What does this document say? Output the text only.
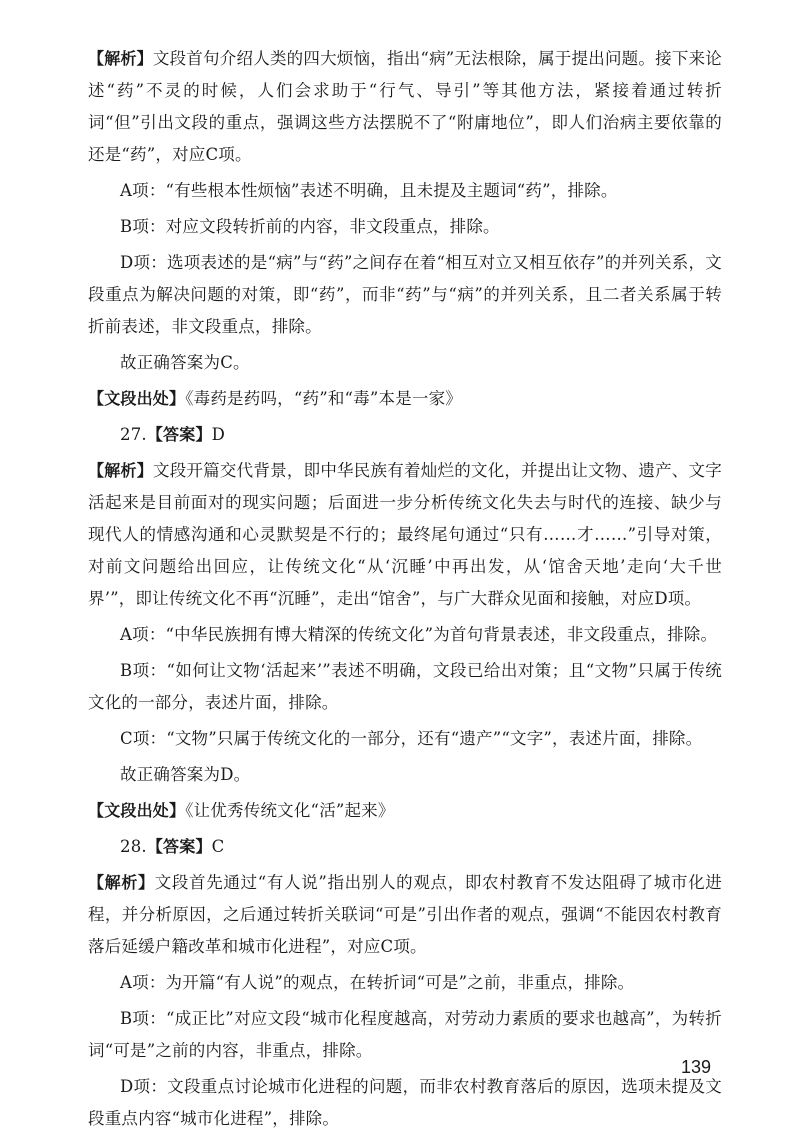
【解析】文段首句介绍人类的四大烦恼，指出“病”无法根除，属于提出问题。接下来论述“药”不灵的时候，人们会求助于“行气、导引”等其他方法，紧接着通过转折词“但”引出文段的重点，强调这些方法摆脱不了“附庸地位”，即人们治病主要依靠的还是“药”，对应C项。

A项：“有些根本性烦恼”表述不明确，且未提及主题词“药”，排除。

B项：对应文段转折前的内容，非文段重点，排除。

D项：选项表述的是“病”与“药”之间存在着“相互对立又相互依存”的并列关系，文段重点为解决问题的对策，即“药”，而非“药”与“病”的并列关系，且二者关系属于转折前表述，非文段重点，排除。

故正确答案为C。

【文段出处】《毒药是药吗，“药”和“毒”本是一家》

27.【答案】D

【解析】文段开篇交代背景，即中华民族有着灿烂的文化，并提出让文物、遗产、文字活起来是目前面对的现实问题；后面进一步分析传统文化失去与时代的连接、缺少与现代人的情感沟通和心灵默契是不行的；最终尾句通过“只有……才……”引导对策，对前文问题给出回应，让传统文化“从‘沉睡’中再出发，从‘馆舍天地’走向‘大千世界’”，即让传统文化不再“沉睡”，走出“馆舍”，与广大群众见面和接触，对应D项。

A项：“中华民族拥有博大精深的传统文化”为首句背景表述，非文段重点，排除。

B项：“如何让文物‘活起来’”表述不明确，文段已给出对策；且“文物”只属于传统文化的一部分，表述片面，排除。

C项：“文物”只属于传统文化的一部分，还有“遗产”“文字”，表述片面，排除。

故正确答案为D。

【文段出处】《让优秀传统文化“活”起来》

28.【答案】C

【解析】文段首先通过“有人说”指出别人的观点，即农村教育不发达阻碍了城市化进程，并分析原因，之后通过转折关联词“可是”引出作者的观点，强调“不能因农村教育落后延缓户籍改革和城市化进程”，对应C项。

A项：为开篇“有人说”的观点，在转折词“可是”之前，非重点，排除。

B项：“成正比”对应文段“城市化程度越高，对劳动力素质的要求也越高”，为转折词“可是”之前的内容，非重点，排除。

D项：文段重点讨论城市化进程的问题，而非农村教育落后的原因，选项未提及文段重点内容“城市化进程”，排除。

139
